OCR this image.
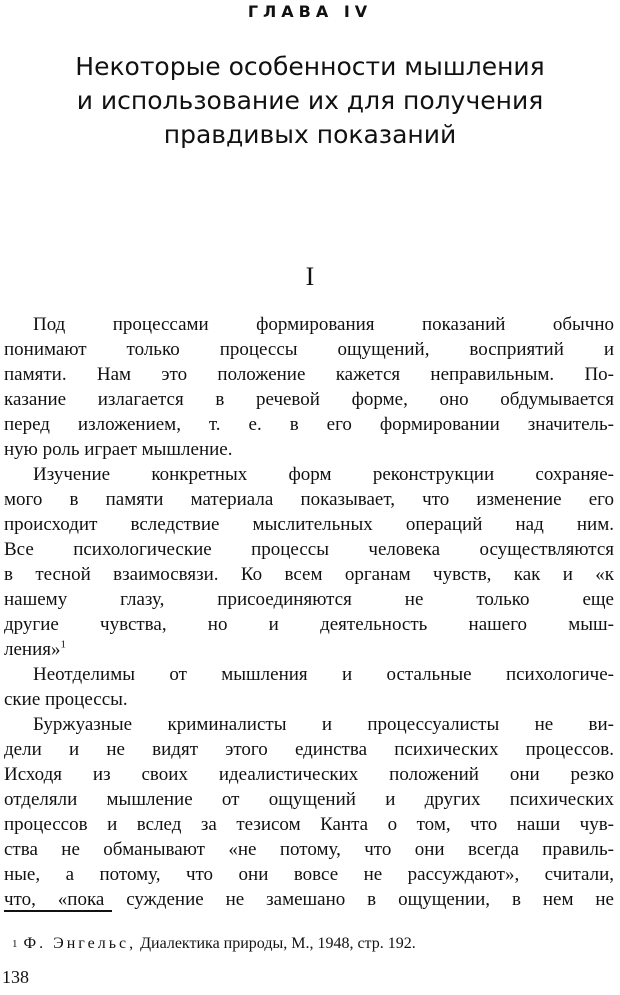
ГЛАВА IV
Некоторые особенности мышления
и использование их для получения
правдивых показаний
I
Под процессами формирования показаний обычно
понимают только процессы ощущений, восприятий и
памяти. Нам это положение кажется неправильным. По-
казание излагается в речевой форме, оно обдумывается
перед изложением, т. е. в его формировании значитель-
ную роль играет мышление.
Изучение конкретных форм реконструкции сохраняе-
мого в памяти материала показывает, что изменение его
происходит вследствие мыслительных операций над ним.
Все психологические процессы человека осуществляются
в тесной взаимосвязи. Ко всем органам чувств, как и «к
нашему глазу, присоединяются не только еще
другие чувства, но и деятельность нашего мыш-
ления»$^1$
Неотделимы от мышления и остальные психологиче-
ские процессы.
Буржуазные криминалисты и процессуалисты не ви-
дели и не видят этого единства психических процессов.
Исходя из своих идеалистических положений они резко
отделяли мышление от ощущений и других психических
процессов и вслед за тезисом Канта о том, что наши чув-
ства не обманывают «не потому, что они всегда правиль-
ные, а потому, что они вовсе не рассуждают», считали,
что, «пока суждение не замешано в ощущении, в нем не
$^1$ Ф. Энгельс, Диалектика природы, М., 1948, стр. 192.
138
